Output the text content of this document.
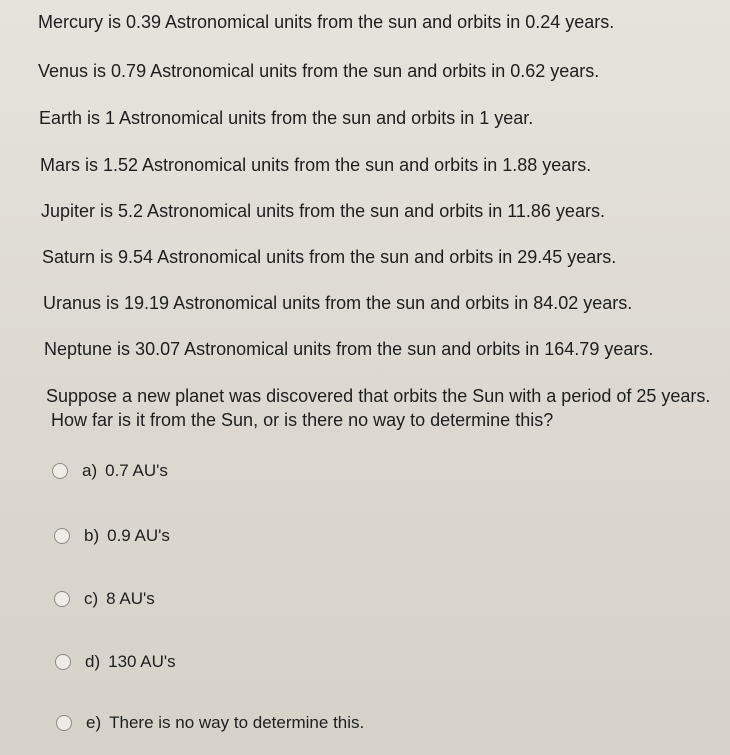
Mercury is 0.39 Astronomical units from the sun and orbits in 0.24 years.
Venus is 0.79 Astronomical units from the sun and orbits in 0.62 years.
Earth is 1 Astronomical units from the sun and orbits in 1 year.
Mars is 1.52 Astronomical units from the sun and orbits in 1.88 years.
Jupiter is 5.2 Astronomical units from the sun and orbits in 11.86 years.
Saturn is 9.54 Astronomical units from the sun and orbits in 29.45 years.
Uranus is 19.19 Astronomical units from the sun and orbits in 84.02 years.
Neptune is 30.07 Astronomical units from the sun and orbits in 164.79 years.
Suppose a new planet was discovered that orbits the Sun with a period of 25 years.
How far is it from the Sun, or is there no way to determine this?
a) 0.7 AU's
b) 0.9 AU's
c) 8 AU's
d) 130 AU's
e) There is no way to determine this.
